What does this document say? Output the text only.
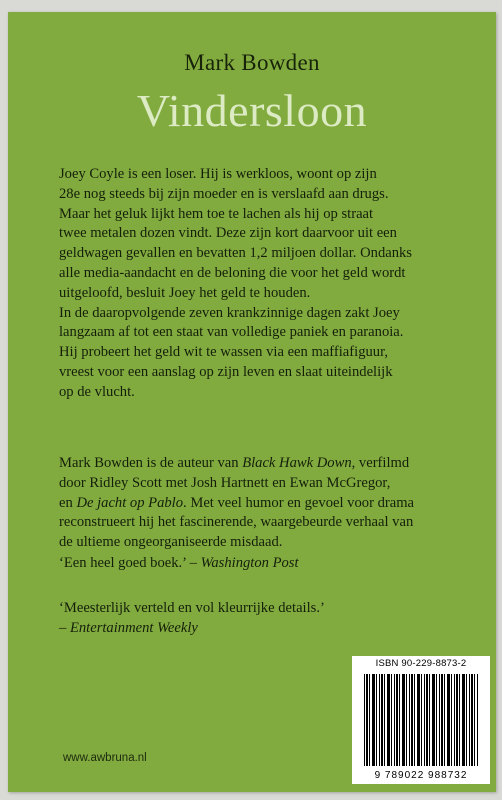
Mark Bowden
Vindersloon

Joey Coyle is een loser. Hij is werkloos, woont op zijn
28e nog steeds bij zijn moeder en is verslaafd aan drugs.
Maar het geluk lijkt hem toe te lachen als hij op straat
twee metalen dozen vindt. Deze zijn kort daarvoor uit een
geldwagen gevallen en bevatten 1,2 miljoen dollar. Ondanks
alle media-aandacht en de beloning die voor het geld wordt
uitgeloofd, besluit Joey het geld te houden.
In de daaropvolgende zeven krankzinnige dagen zakt Joey
langzaam af tot een staat van volledige paniek en paranoia.
Hij probeert het geld wit te wassen via een maffiafiguur,
vreest voor een aanslag op zijn leven en slaat uiteindelijk
op de vlucht.

Mark Bowden is de auteur van Black Hawk Down, verfilmd
door Ridley Scott met Josh Hartnett en Ewan McGregor,
en De jacht op Pablo. Met veel humor en gevoel voor drama
reconstrueert hij het fascinerende, waargebeurde verhaal van
de ultieme ongeorganiseerde misdaad.

‘Een heel goed boek.’ – Washington Post

‘Meesterlijk verteld en vol kleurrijke details.’
– Entertainment Weekly

ISBN 90-229-8873-2
9 789022 988732
www.awbruna.nl
